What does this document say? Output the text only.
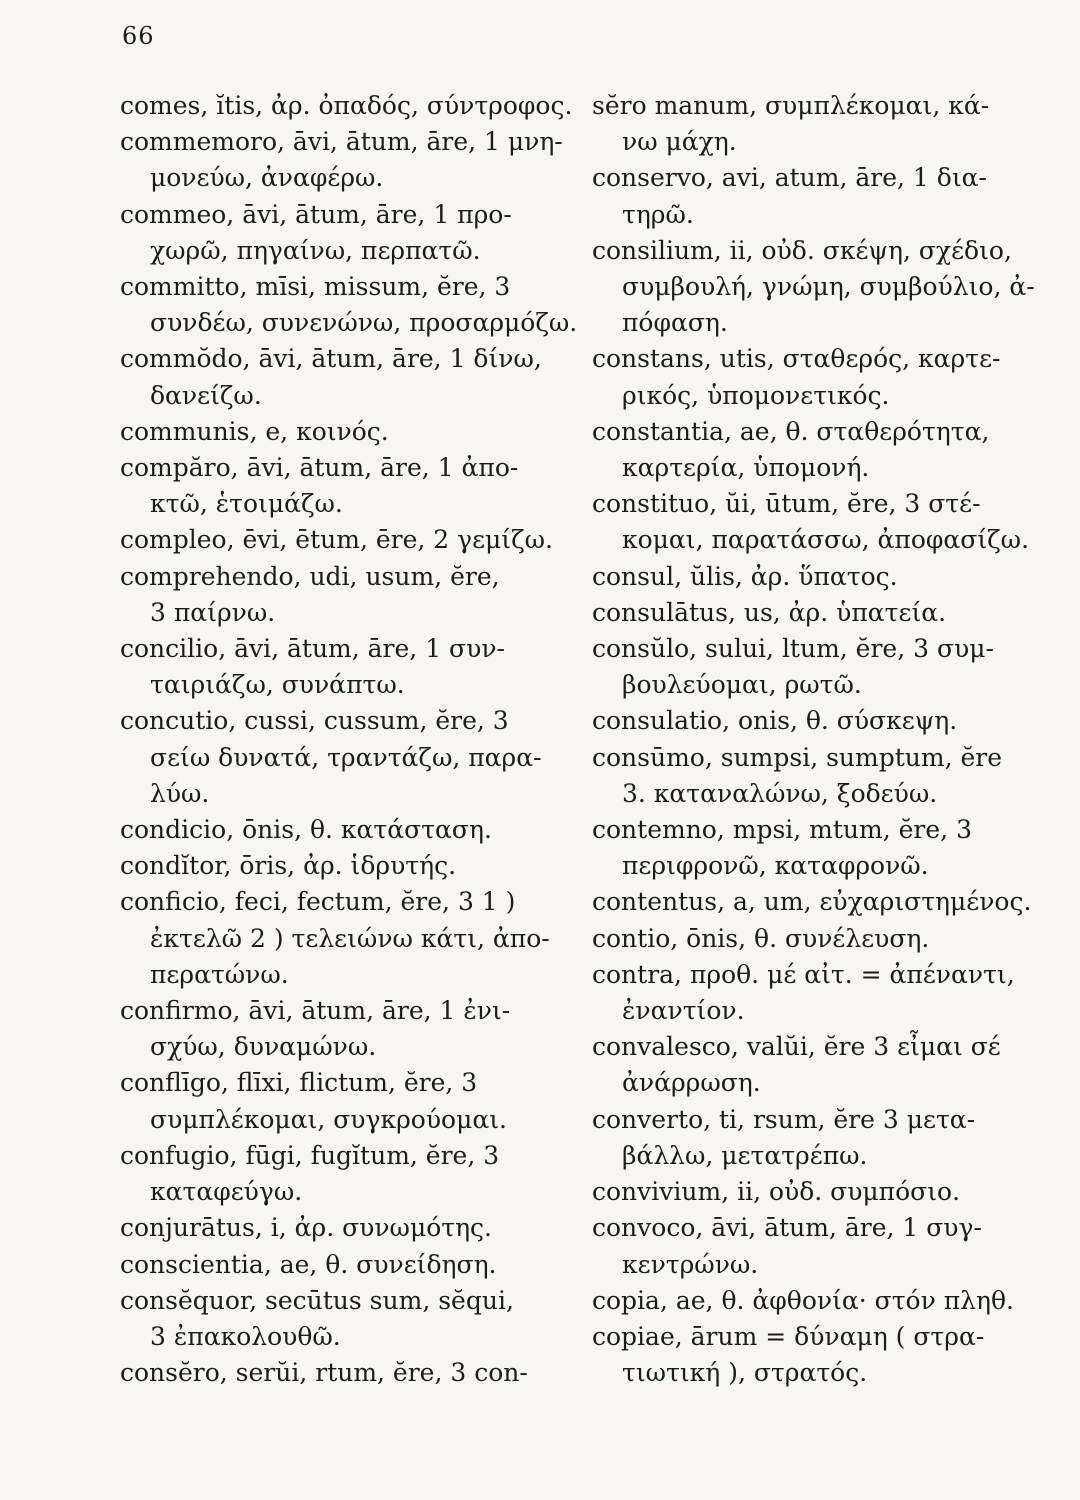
66
comes, ĭtis, ἀρ. ὀπαδός, σύντροφος.
commemoro, āvi, ātum, āre, 1 μνη-
μονεύω, ἀναφέρω.
commeo, āvi, ātum, āre, 1 προ-
χωρῶ, πηγαίνω, περπατῶ.
committo, mīsi, missum, ĕre, 3
συνδέω, συνενώνω, προσαρμόζω.
commŏdo, āvi, ātum, āre, 1 δίνω,
δανείζω.
communis, e, κοινός.
compăro, āvi, ātum, āre, 1 ἀπο-
κτῶ, ἑτοιμάζω.
compleo, ēvi, ētum, ēre, 2 γεμίζω.
comprehendo, udi, usum, ĕre,
3 παίρνω.
concilio, āvi, ātum, āre, 1 συν-
ταιριάζω, συνάπτω.
concutio, cussi, cussum, ĕre, 3
σείω δυνατά, τραντάζω, παρα-
λύω.
condicio, ōnis, θ. κατάσταση.
condĭtor, ōris, ἀρ. ἱδρυτής.
conficio, feci, fectum, ĕre, 3 1 )
ἐκτελῶ 2 ) τελειώνω κάτι, ἀπο-
περατώνω.
confirmo, āvi, ātum, āre, 1 ἐνι-
σχύω, δυναμώνω.
conflīgo, flīxi, flictum, ĕre, 3
συμπλέκομαι, συγκρούομαι.
confugio, fūgi, fugĭtum, ĕre, 3
καταφεύγω.
conjurātus, i, ἀρ. συνωμότης.
conscientia, ae, θ. συνείδηση.
consĕquor, secūtus sum, sĕqui,
3 ἐπακολουθῶ.
consĕro, serŭi, rtum, ĕre, 3 con-
sĕro manum, συμπλέκομαι, κά-
νω μάχη.
conservo, avi, atum, āre, 1 δια-
τηρῶ.
consilium, ii, οὐδ. σκέψη, σχέδιο,
συμβουλή, γνώμη, συμβούλιο, ἀ-
πόφαση.
constans, utis, σταθερός, καρτε-
ρικός, ὑπομονετικός.
constantia, ae, θ. σταθερότητα,
καρτερία, ὑπομονή.
constituo, ŭi, ūtum, ĕre, 3 στέ-
κομαι, παρατάσσω, ἀποφασίζω.
consul, ŭlis, ἀρ. ὕπατος.
consulātus, us, ἀρ. ὑπατεία.
consŭlo, sului, ltum, ĕre, 3 συμ-
βουλεύομαι, ρωτῶ.
consulatio, onis, θ. σύσκεψη.
consūmo, sumpsi, sumptum, ĕre
3. καταναλώνω, ξοδεύω.
contemno, mpsi, mtum, ĕre, 3
περιφρονῶ, καταφρονῶ.
contentus, a, um, εὐχαριστημένος.
contio, ōnis, θ. συνέλευση.
contra, προθ. μέ αἰτ. = ἀπέναντι,
ἐναντίον.
convalesco, valŭi, ĕre 3 εἶμαι σέ
ἀνάρρωση.
converto, ti, rsum, ĕre 3 μετα-
βάλλω, μετατρέπω.
convivium, ii, οὐδ. συμπόσιο.
convoco, āvi, ātum, āre, 1 συγ-
κεντρώνω.
copia, ae, θ. ἀφθονία· στόν πληθ.
copiae, ārum = δύναμη ( στρα-
τιωτική ), στρατός.
